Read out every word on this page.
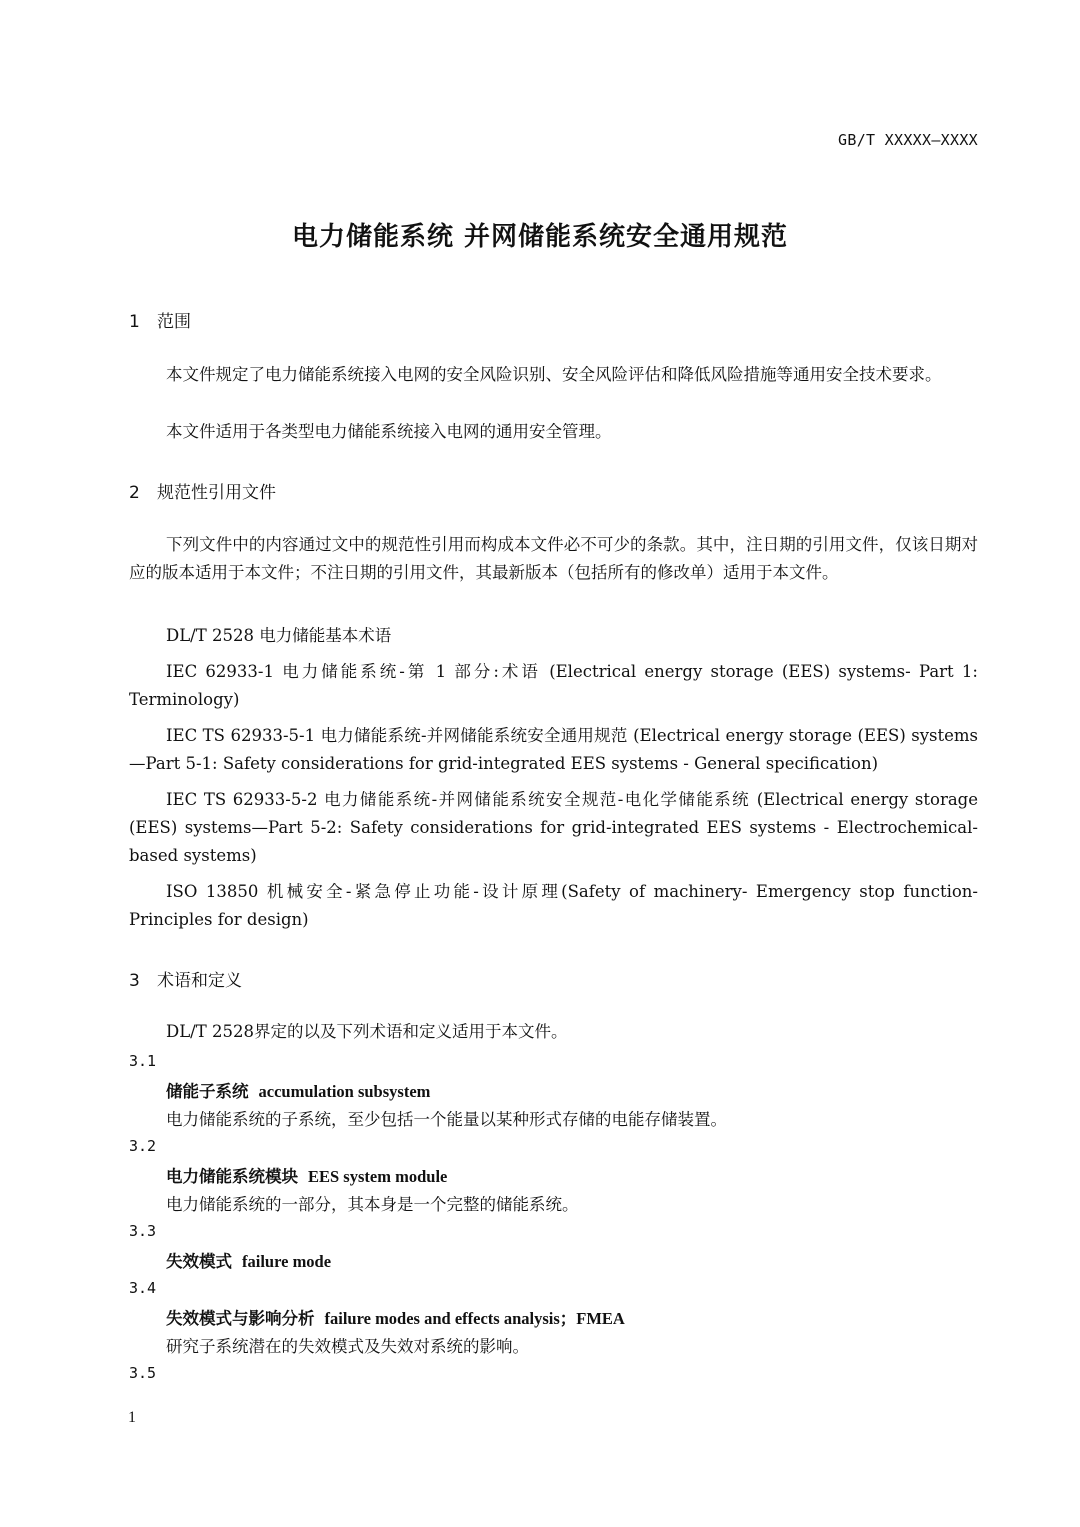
GB/T XXXXX—XXXX
电力储能系统 并网储能系统安全通用规范
1 范围
本文件规定了电力储能系统接入电网的安全风险识别、安全风险评估和降低风险措施等通用安全技术要求。
本文件适用于各类型电力储能系统接入电网的通用安全管理。
2 规范性引用文件
下列文件中的内容通过文中的规范性引用而构成本文件必不可少的条款。其中，注日期的引用文件，仅该日期对应的版本适用于本文件；不注日期的引用文件，其最新版本（包括所有的修改单）适用于本文件。
DL/T 2528 电力储能基本术语
IEC 62933-1 电力储能系统-第 1 部分:术语 (Electrical energy storage (EES) systems- Part 1: Terminology)
IEC TS 62933-5-1 电力储能系统-并网储能系统安全通用规范 (Electrical energy storage (EES) systems—Part 5-1: Safety considerations for grid-integrated EES systems - General specification)
IEC TS 62933-5-2 电力储能系统-并网储能系统安全规范-电化学储能系统 (Electrical energy storage (EES) systems—Part 5-2: Safety considerations for grid-integrated EES systems - Electrochemical-based systems)
ISO 13850 机械安全-紧急停止功能-设计原理(Safety of machinery- Emergency stop function- Principles for design)
3 术语和定义
DL/T 2528界定的以及下列术语和定义适用于本文件。
3.1
储能子系统 accumulation subsystem
电力储能系统的子系统，至少包括一个能量以某种形式存储的电能存储装置。
3.2
电力储能系统模块 EES system module
电力储能系统的一部分，其本身是一个完整的储能系统。
3.3
失效模式 failure mode
3.4
失效模式与影响分析 failure modes and effects analysis；FMEA
研究子系统潜在的失效模式及失效对系统的影响。
3.5
1
